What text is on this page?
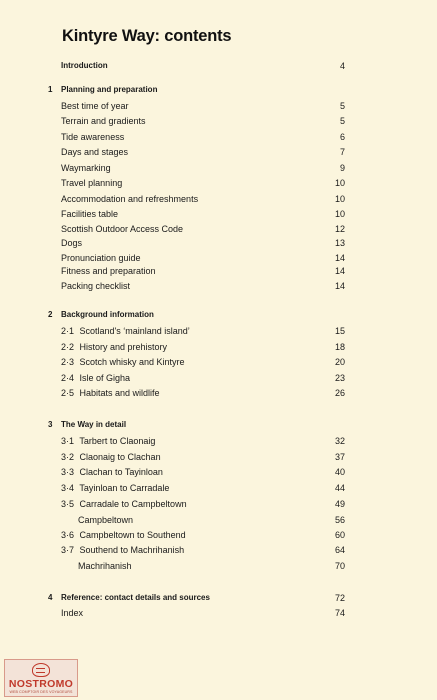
Kintyre Way: contents
Introduction	4
1 Planning and preparation
Best time of year	5
Terrain and gradients	5
Tide awareness	6
Days and stages	7
Waymarking	9
Travel planning	10
Accommodation and refreshments	10
Facilities table	10
Scottish Outdoor Access Code	12
Dogs	13
Pronunciation guide	14
Fitness and preparation	14
Packing checklist	14
2 Background information
2·1 Scotland's ‘mainland island’	15
2·2 History and prehistory	18
2·3 Scotch whisky and Kintyre	20
2·4 Isle of Gigha	23
2·5 Habitats and wildlife	26
3 The Way in detail
3·1 Tarbert to Claonaig	32
3·2 Claonaig to Clachan	37
3·3 Clachan to Tayinloan	40
3·4 Tayinloan to Carradale	44
3·5 Carradale to Campbeltown	49
Campbeltown	56
3·6 Campbeltown to Southend	60
3·7 Southend to Machrihanish	64
Machrihanish	70
4 Reference: contact details and sources	72
Index	74
NOSTROMO
WEB COMPTOIR DES VOYAGEURS
